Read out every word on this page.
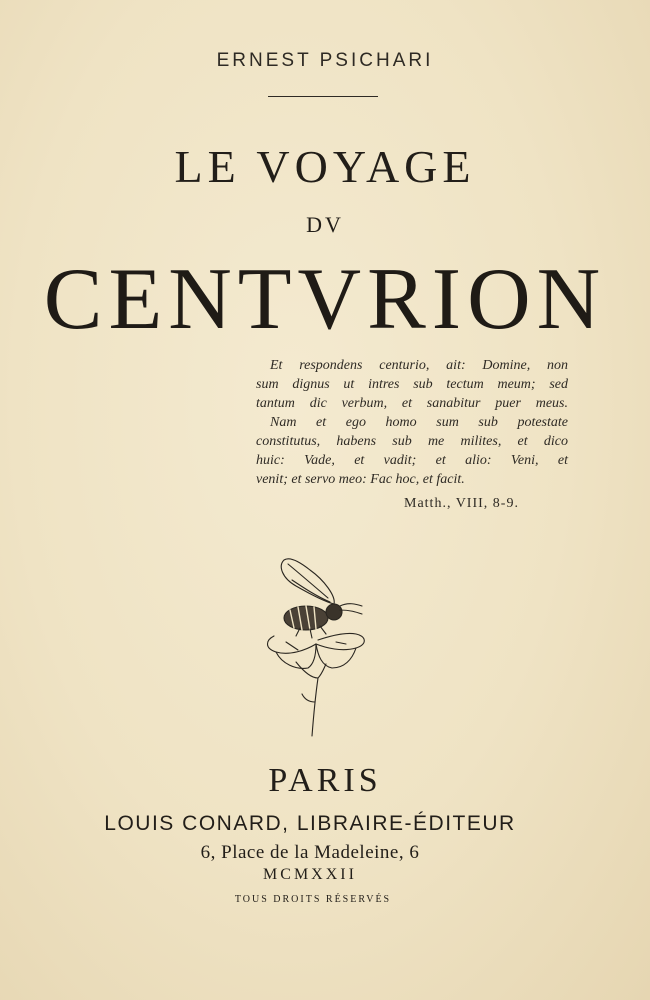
ERNEST PSICHARI
LE VOYAGE
DV
CENTVRION
Et respondens centurio, ait: Domine, non
sum dignus ut intres sub tectum meum; sed
tantum dic verbum, et sanabitur puer meus.
Nam et ego homo sum sub potestate
constitutus, habens sub me milites, et dico
huic: Vade, et vadit; et alio: Veni, et
venit; et servo meo: Fac hoc, et facit.
Matth., VIII, 8-9.
PARIS
LOUIS CONARD, LIBRAIRE-ÉDITEUR
6, Place de la Madeleine, 6
MCMXXII
TOUS DROITS RÉSERVÉS
